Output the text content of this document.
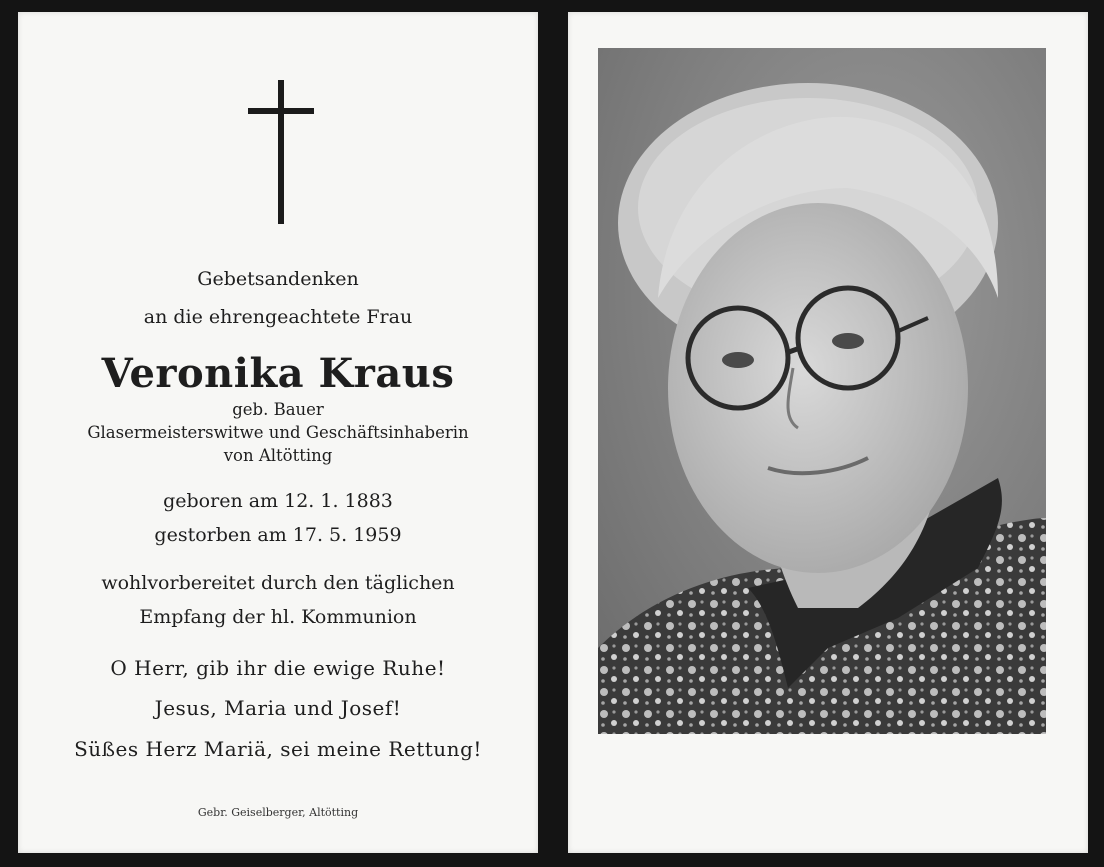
Gebetsandenken
an die ehrengeachtete Frau
Veronika Kraus
geb. Bauer
Glasermeisterswitwe und Geschäftsinhaberin
von Altötting
geboren am 12. 1. 1883
gestorben am 17. 5. 1959
wohlvorbereitet durch den täglichen
Empfang der hl. Kommunion
O Herr, gib ihr die ewige Ruhe!
Jesus, Maria und Josef!
Süßes Herz Mariä, sei meine Rettung!
Gebr. Geiselberger, Altötting
